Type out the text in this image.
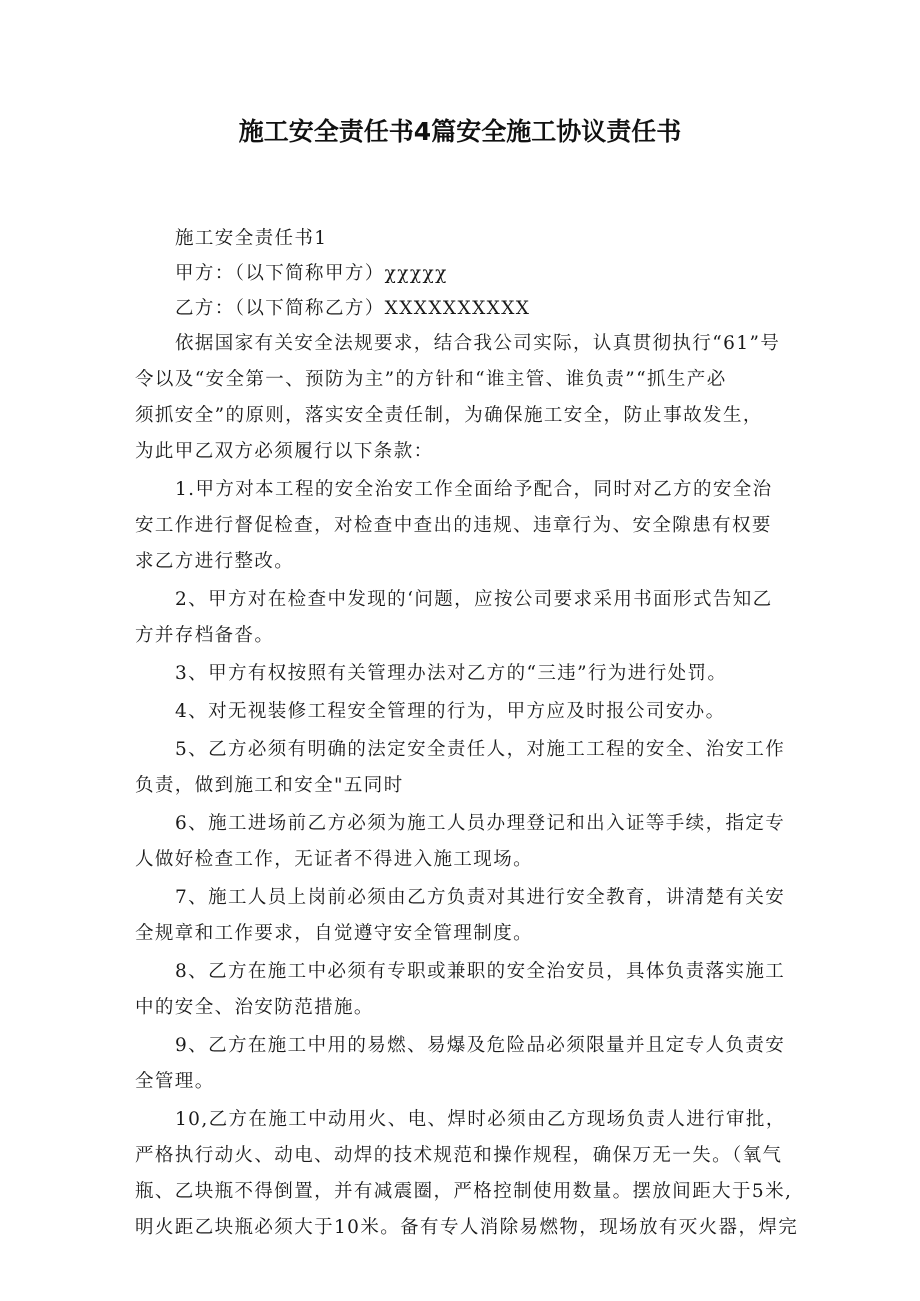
施工安全责任书4篇安全施工协议责任书
施工安全责任书1
甲方：（以下简称甲方）χχχχχ
乙方：（以下简称乙方）XXXXXXXXXX
依据国家有关安全法规要求，结合我公司实际，认真贯彻执行“61”号
令以及“安全第一、预防为主”的方针和“谁主管、谁负责”“抓生产必
须抓安全”的原则，落实安全责任制，为确保施工安全，防止事故发生，
为此甲乙双方必须履行以下条款：
1.甲方对本工程的安全治安工作全面给予配合，同时对乙方的安全治
安工作进行督促检查，对检查中查出的违规、违章行为、安全隙患有权要
求乙方进行整改。
2、甲方对在检查中发现的‘问题，应按公司要求采用书面形式告知乙
方并存档备沓。
3、甲方有权按照有关管理办法对乙方的“三违”行为进行处罚。
4、对无视装修工程安全管理的行为，甲方应及时报公司安办。
5、乙方必须有明确的法定安全责任人，对施工工程的安全、治安工作
负责，做到施工和安全"五同时
6、施工进场前乙方必须为施工人员办理登记和出入证等手续，指定专
人做好检查工作，无证者不得进入施工现场。
7、施工人员上岗前必须由乙方负责对其进行安全教育，讲清楚有关安
全规章和工作要求，自觉遵守安全管理制度。
8、乙方在施工中必须有专职或兼职的安全治安员，具体负责落实施工
中的安全、治安防范措施。
9、乙方在施工中用的易燃、易爆及危险品必须限量并且定专人负责安
全管理。
10,乙方在施工中动用火、电、焊时必须由乙方现场负责人进行审批，
严格执行动火、动电、动焊的技术规范和操作规程，确保万无一失。（氧气
瓶、乙块瓶不得倒置，并有减震圈，严格控制使用数量。摆放间距大于5米,
明火距乙块瓶必须大于10米。备有专人消除易燃物，现场放有灭火器，焊完
